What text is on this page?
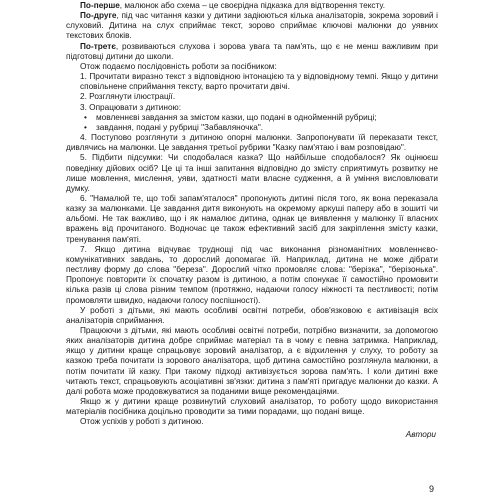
По-перше, малюнок або схема – це своєрідна підказка для відтворення тексту.

По-друге, під час читання казки у дитини задіюються кілька аналізаторів, зокрема зоровий і слуховий. Дитина на слух сприймає текст, зорово сприймає ключові малюнки до уявних текстових блоків.

По-третє, розвиваються слухова і зорова увага та пам'ять, що є не менш важливим при підготовці дитини до школи.

Отож подаємо послідовність роботи за посібником:

1. Прочитати виразно текст з відповідною інтонацією та у відповідному темпі. Якщо у дитини сповільнене сприймання тексту, варто прочитати двічі.

2. Розглянути ілюстрації.

3. Опрацювати з дитиною:

• мовленнєві завдання за змістом казки, що подані в однойменній рубриці;

• завдання, подані у рубриці "Забавляночка".

4. Поступово розглянути з дитиною опорні малюнки. Запропонувати їй переказати текст, дивлячись на малюнки. Це завдання третьої рубрики "Казку пам'ятаю і вам розповідаю".

5. Підбити підсумки: Чи сподобалася казка? Що найбільше сподобалося? Як оцінюєш поведінку дійових осіб? Це ці та інші запитання відповідно до змісту сприятимуть розвитку не лише мовлення, мислення, уяви, здатності мати власне судження, а й уміння висловлювати думку.

6. "Намалюй те, що тобі запам'яталося" пропонують дитині після того, як вона переказала казку за малюнками. Це завдання дитя виконують на окремому аркуші паперу або в зошиті чи альбомі. Не так важливо, що і як намалює дитина, однак це виявлення у малюнку її власних вражень від прочитаного. Водночас це також ефективний засіб для закріплення змісту казки, тренування пам'яті.

7. Якщо дитина відчуває труднощі під час виконання різноманітних мовленнєво-комунікативних завдань, то дорослий допомагає їй. Наприклад, дитина не може дібрати пестливу форму до слова "береза". Дорослий чітко промовляє слова: "берізка", "берізонька". Пропонує повторити їх спочатку разом із дитиною, а потім спонукає її самостійно промовити кілька разів ці слова різним темпом (протяжно, надаючи голосу ніжності та пестливості; потім промовляти швидко, надаючи голосу поспішності).

У роботі з дітьми, які мають особливі освітні потреби, обов'язковою є активізація всіх аналізаторів сприймання.

Працюючи з дітьми, які мають особливі освітні потреби, потрібно визначити, за допомогою яких аналізаторів дитина добре сприймає матеріал та в чому є певна затримка. Наприклад, якщо у дитини краще спрацьовує зоровий аналізатор, а є відхилення у слуху, то роботу за казкою треба почитати із зорового аналізатора, щоб дитина самостійно розглянула малюнки, а потім почитати їй казку. При такому підході активізується зорова пам'ять. І коли дитині вже читають текст, спрацьовують асоціативні зв'язки: дитина з пам'яті пригадує малюнки до казки. А далі робота може продовжуватися за поданими вище рекомендаціями.

Якщо ж у дитини краще розвинутий слуховий аналізатор, то роботу щодо використання матеріалів посібника доцільно проводити за тими порадами, що подані вище.

Отож успіхів у роботі з дитиною.

Автори

9
